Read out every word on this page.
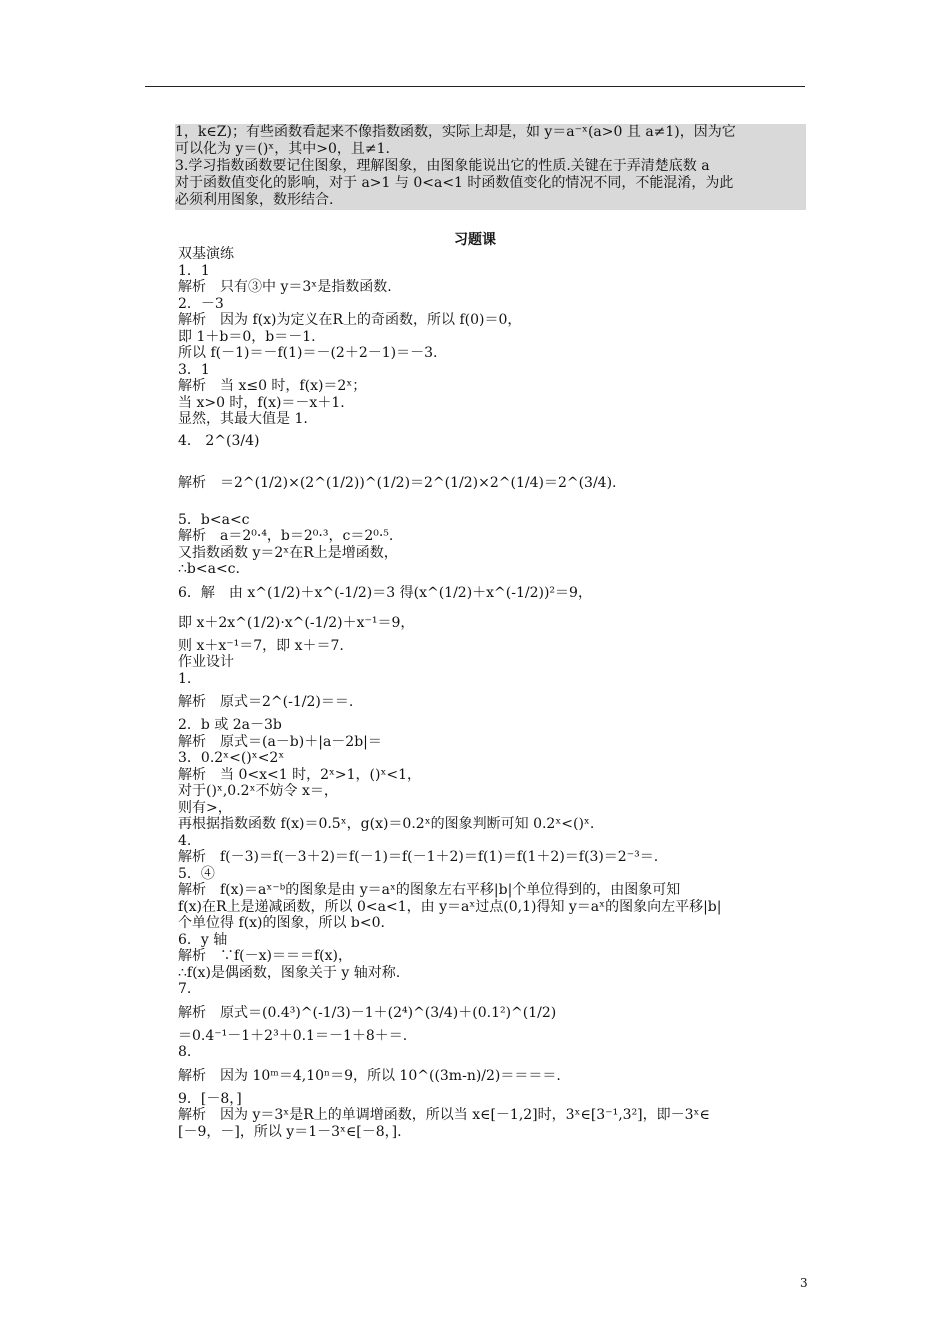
1，k∈Z)；有些函数看起来不像指数函数，实际上却是，如 y＝a⁻ˣ(a>0 且 a≠1)，因为它
可以化为 y＝()ˣ，其中>0，且≠1.
3.学习指数函数要记住图象，理解图象，由图象能说出它的性质.关键在于弄清楚底数 a
对于函数值变化的影响，对于 a>1 与 0<a<1 时函数值变化的情况不同，不能混淆，为此
必须利用图象，数形结合.
习题课
双基演练
1．1
解析　只有③中 y＝3ˣ是指数函数.
2．－3
解析　因为 f(x)为定义在R上的奇函数，所以 f(0)＝0，
即 1＋b＝0，b＝－1.
所以 f(－1)＝－f(1)＝－(2＋2－1)＝－3.
3．1
解析　当 x≤0 时，f(x)＝2ˣ；
当 x>0 时，f(x)＝－x＋1.
显然，其最大值是 1.
4． 2^(3/4)
解析　＝2^(1/2)×(2^(1/2))^(1/2)＝2^(1/2)×2^(1/4)＝2^(3/4).
5．b<a<c
解析　a＝2⁰·⁴，b＝2⁰·³，c＝2⁰·⁵.
又指数函数 y＝2ˣ在R上是增函数，
∴b<a<c.
6．解　由 x^(1/2)＋x^(-1/2)＝3 得(x^(1/2)＋x^(-1/2))²＝9，
即 x＋2x^(1/2)·x^(-1/2)＋x⁻¹＝9，
则 x＋x⁻¹＝7，即 x＋＝7.
作业设计
1.
解析　原式＝2^(-1/2)＝＝.
2．b 或 2a－3b
解析　原式＝(a－b)＋|a－2b|＝
3．0.2ˣ<()ˣ<2ˣ
解析　当 0<x<1 时，2ˣ>1，()ˣ<1，
对于()ˣ,0.2ˣ不妨令 x＝，
则有>，
再根据指数函数 f(x)＝0.5ˣ，g(x)＝0.2ˣ的图象判断可知 0.2ˣ<()ˣ.
4.
解析　f(－3)＝f(－3＋2)＝f(－1)＝f(－1＋2)＝f(1)＝f(1＋2)＝f(3)＝2⁻³＝.
5．④
解析　f(x)＝aˣ⁻ᵇ的图象是由 y＝aˣ的图象左右平移|b|个单位得到的，由图象可知
f(x)在R上是递减函数，所以 0<a<1，由 y＝aˣ过点(0,1)得知 y＝aˣ的图象向左平移|b|
个单位得 f(x)的图象，所以 b<0.
6．y 轴
解析　∵f(－x)＝＝＝f(x)，
∴f(x)是偶函数，图象关于 y 轴对称.
7.
解析　原式＝(0.4³)^(-1/3)－1＋(2⁴)^(3/4)＋(0.1²)^(1/2)
＝0.4⁻¹－1＋2³＋0.1＝－1＋8＋＝.
8.
解析　因为 10ᵐ＝4,10ⁿ＝9，所以 10^((3m-n)/2)＝＝＝＝.
9．[－8，]
解析　因为 y＝3ˣ是R上的单调增函数，所以当 x∈[－1,2]时，3ˣ∈[3⁻¹,3²]，即－3ˣ∈
[－9，－]，所以 y＝1－3ˣ∈[－8，].
3
